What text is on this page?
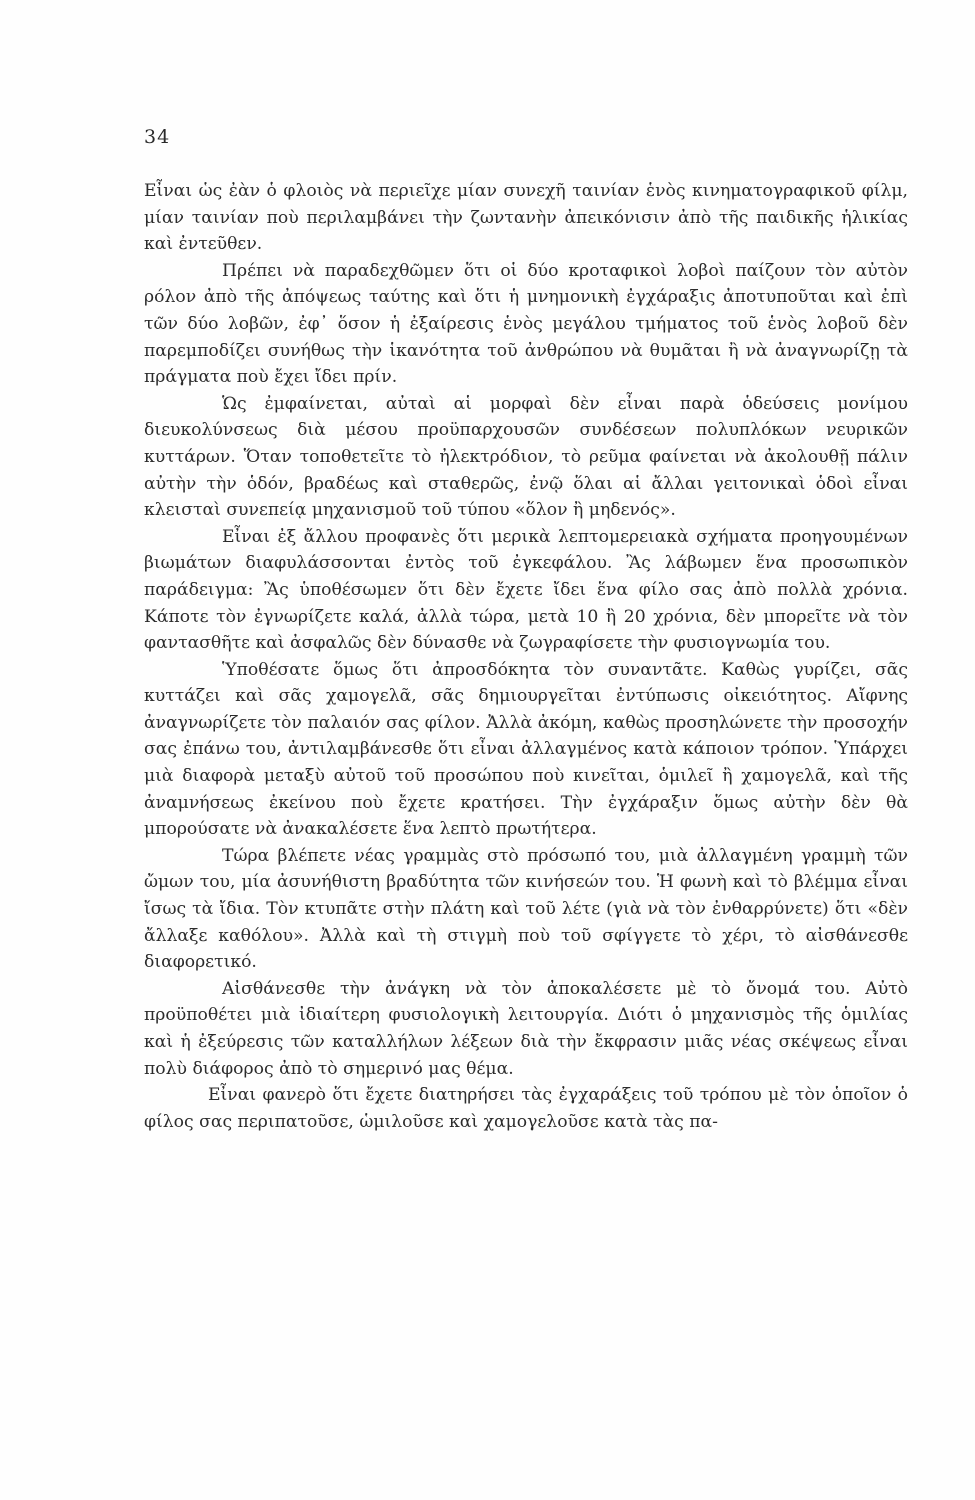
34

Εἶναι ὡς ἐὰν ὁ φλοιὸς νὰ περιεῖχε μίαν συνεχῆ ταινίαν ἑνὸς κινηματογραφικοῦ φίλμ, μίαν ταινίαν ποὺ περιλαμβάνει τὴν ζωντανὴν ἀπεικόνισιν ἀπὸ τῆς παιδικῆς ἡλικίας καὶ ἐντεῦθεν.

Πρέπει νὰ παραδεχθῶμεν ὅτι οἱ δύο κροταφικοὶ λοβοὶ παίζουν τὸν αὐτὸν ρόλον ἀπὸ τῆς ἀπόψεως ταύτης καὶ ὅτι ἡ μνημονικὴ ἐγχάραξις ἀποτυποῦται καὶ ἐπὶ τῶν δύο λοβῶν, ἐφ᾽ ὅσον ἡ ἐξαίρεσις ἑνὸς μεγάλου τμήματος τοῦ ἑνὸς λοβοῦ δὲν παρεμποδίζει συνήθως τὴν ἱκανότητα τοῦ ἀνθρώπου νὰ θυμᾶται ἢ νὰ ἀναγνωρίζῃ τὰ πράγματα ποὺ ἔχει ἴδει πρίν.

Ὡς ἐμφαίνεται, αὐταὶ αἱ μορφαὶ δὲν εἶναι παρὰ ὁδεύσεις μονίμου διευκολύνσεως διὰ μέσου προϋπαρχουσῶν συνδέσεων πολυπλόκων νευρικῶν κυττάρων. Ὅταν τοποθετεῖτε τὸ ἠλεκτρόδιον, τὸ ρεῦμα φαίνεται νὰ ἀκολουθῇ πάλιν αὐτὴν τὴν ὁδόν, βραδέως καὶ σταθερῶς, ἐνῷ ὅλαι αἱ ἄλλαι γειτονικαὶ ὁδοὶ εἶναι κλεισταὶ συνεπείᾳ μηχανισμοῦ τοῦ τύπου «ὅλον ἢ μηδενός».

Εἶναι ἐξ ἄλλου προφανὲς ὅτι μερικὰ λεπτομερειακὰ σχήματα προηγουμένων βιωμάτων διαφυλάσσονται ἐντὸς τοῦ ἐγκεφάλου. Ἂς λάβωμεν ἕνα προσωπικὸν παράδειγμα: Ἂς ὑποθέσωμεν ὅτι δὲν ἔχετε ἴδει ἕνα φίλο σας ἀπὸ πολλὰ χρόνια. Κάποτε τὸν ἐγνωρίζετε καλά, ἀλλὰ τώρα, μετὰ 10 ἢ 20 χρόνια, δὲν μπορεῖτε νὰ τὸν φαντασθῆτε καὶ ἀσφαλῶς δὲν δύνασθε νὰ ζωγραφίσετε τὴν φυσιογνωμία του.

Ὑποθέσατε ὅμως ὅτι ἀπροσδόκητα τὸν συναντᾶτε. Καθὼς γυρίζει, σᾶς κυττάζει καὶ σᾶς χαμογελᾶ, σᾶς δημιουργεῖται ἐντύπωσις οἰκειότητος. Αἴφνης ἀναγνωρίζετε τὸν παλαιόν σας φίλον. Ἀλλὰ ἀκόμη, καθὼς προσηλώνετε τὴν προσοχήν σας ἐπάνω του, ἀντιλαμβάνεσθε ὅτι εἶναι ἀλλαγμένος κατὰ κάποιον τρόπον. Ὑπάρχει μιὰ διαφορὰ μεταξὺ αὐτοῦ τοῦ προσώπου ποὺ κινεῖται, ὁμιλεῖ ἢ χαμογελᾶ, καὶ τῆς ἀναμνήσεως ἐκείνου ποὺ ἔχετε κρατήσει. Τὴν ἐγχάραξιν ὅμως αὐτὴν δὲν θὰ μπορούσατε νὰ ἀνακαλέσετε ἕνα λεπτὸ πρωτήτερα.

Τώρα βλέπετε νέας γραμμὰς στὸ πρόσωπό του, μιὰ ἀλλαγμένη γραμμὴ τῶν ὤμων του, μία ἀσυνήθιστη βραδύτητα τῶν κινήσεών του. Ἡ φωνὴ καὶ τὸ βλέμμα εἶναι ἴσως τὰ ἴδια. Τὸν κτυπᾶτε στὴν πλάτη καὶ τοῦ λέτε (γιὰ νὰ τὸν ἐνθαρρύνετε) ὅτι «δὲν ἄλλαξε καθόλου». Ἀλλὰ καὶ τὴ στιγμὴ ποὺ τοῦ σφίγγετε τὸ χέρι, τὸ αἰσθάνεσθε διαφορετικό.

Αἰσθάνεσθε τὴν ἀνάγκη νὰ τὸν ἀποκαλέσετε μὲ τὸ ὄνομά του. Αὐτὸ προϋποθέτει μιὰ ἰδιαίτερη φυσιολογικὴ λειτουργία. Διότι ὁ μηχανισμὸς τῆς ὁμιλίας καὶ ἡ ἐξεύρεσις τῶν καταλλήλων λέξεων διὰ τὴν ἔκφρασιν μιᾶς νέας σκέψεως εἶναι πολὺ διάφορος ἀπὸ τὸ σημερινό μας θέμα.

Εἶναι φανερὸ ὅτι ἔχετε διατηρήσει τὰς ἐγχαράξεις τοῦ τρόπου μὲ τὸν ὁποῖον ὁ φίλος σας περιπατοῦσε, ὡμιλοῦσε καὶ χαμογελοῦσε κατὰ τὰς πα-
